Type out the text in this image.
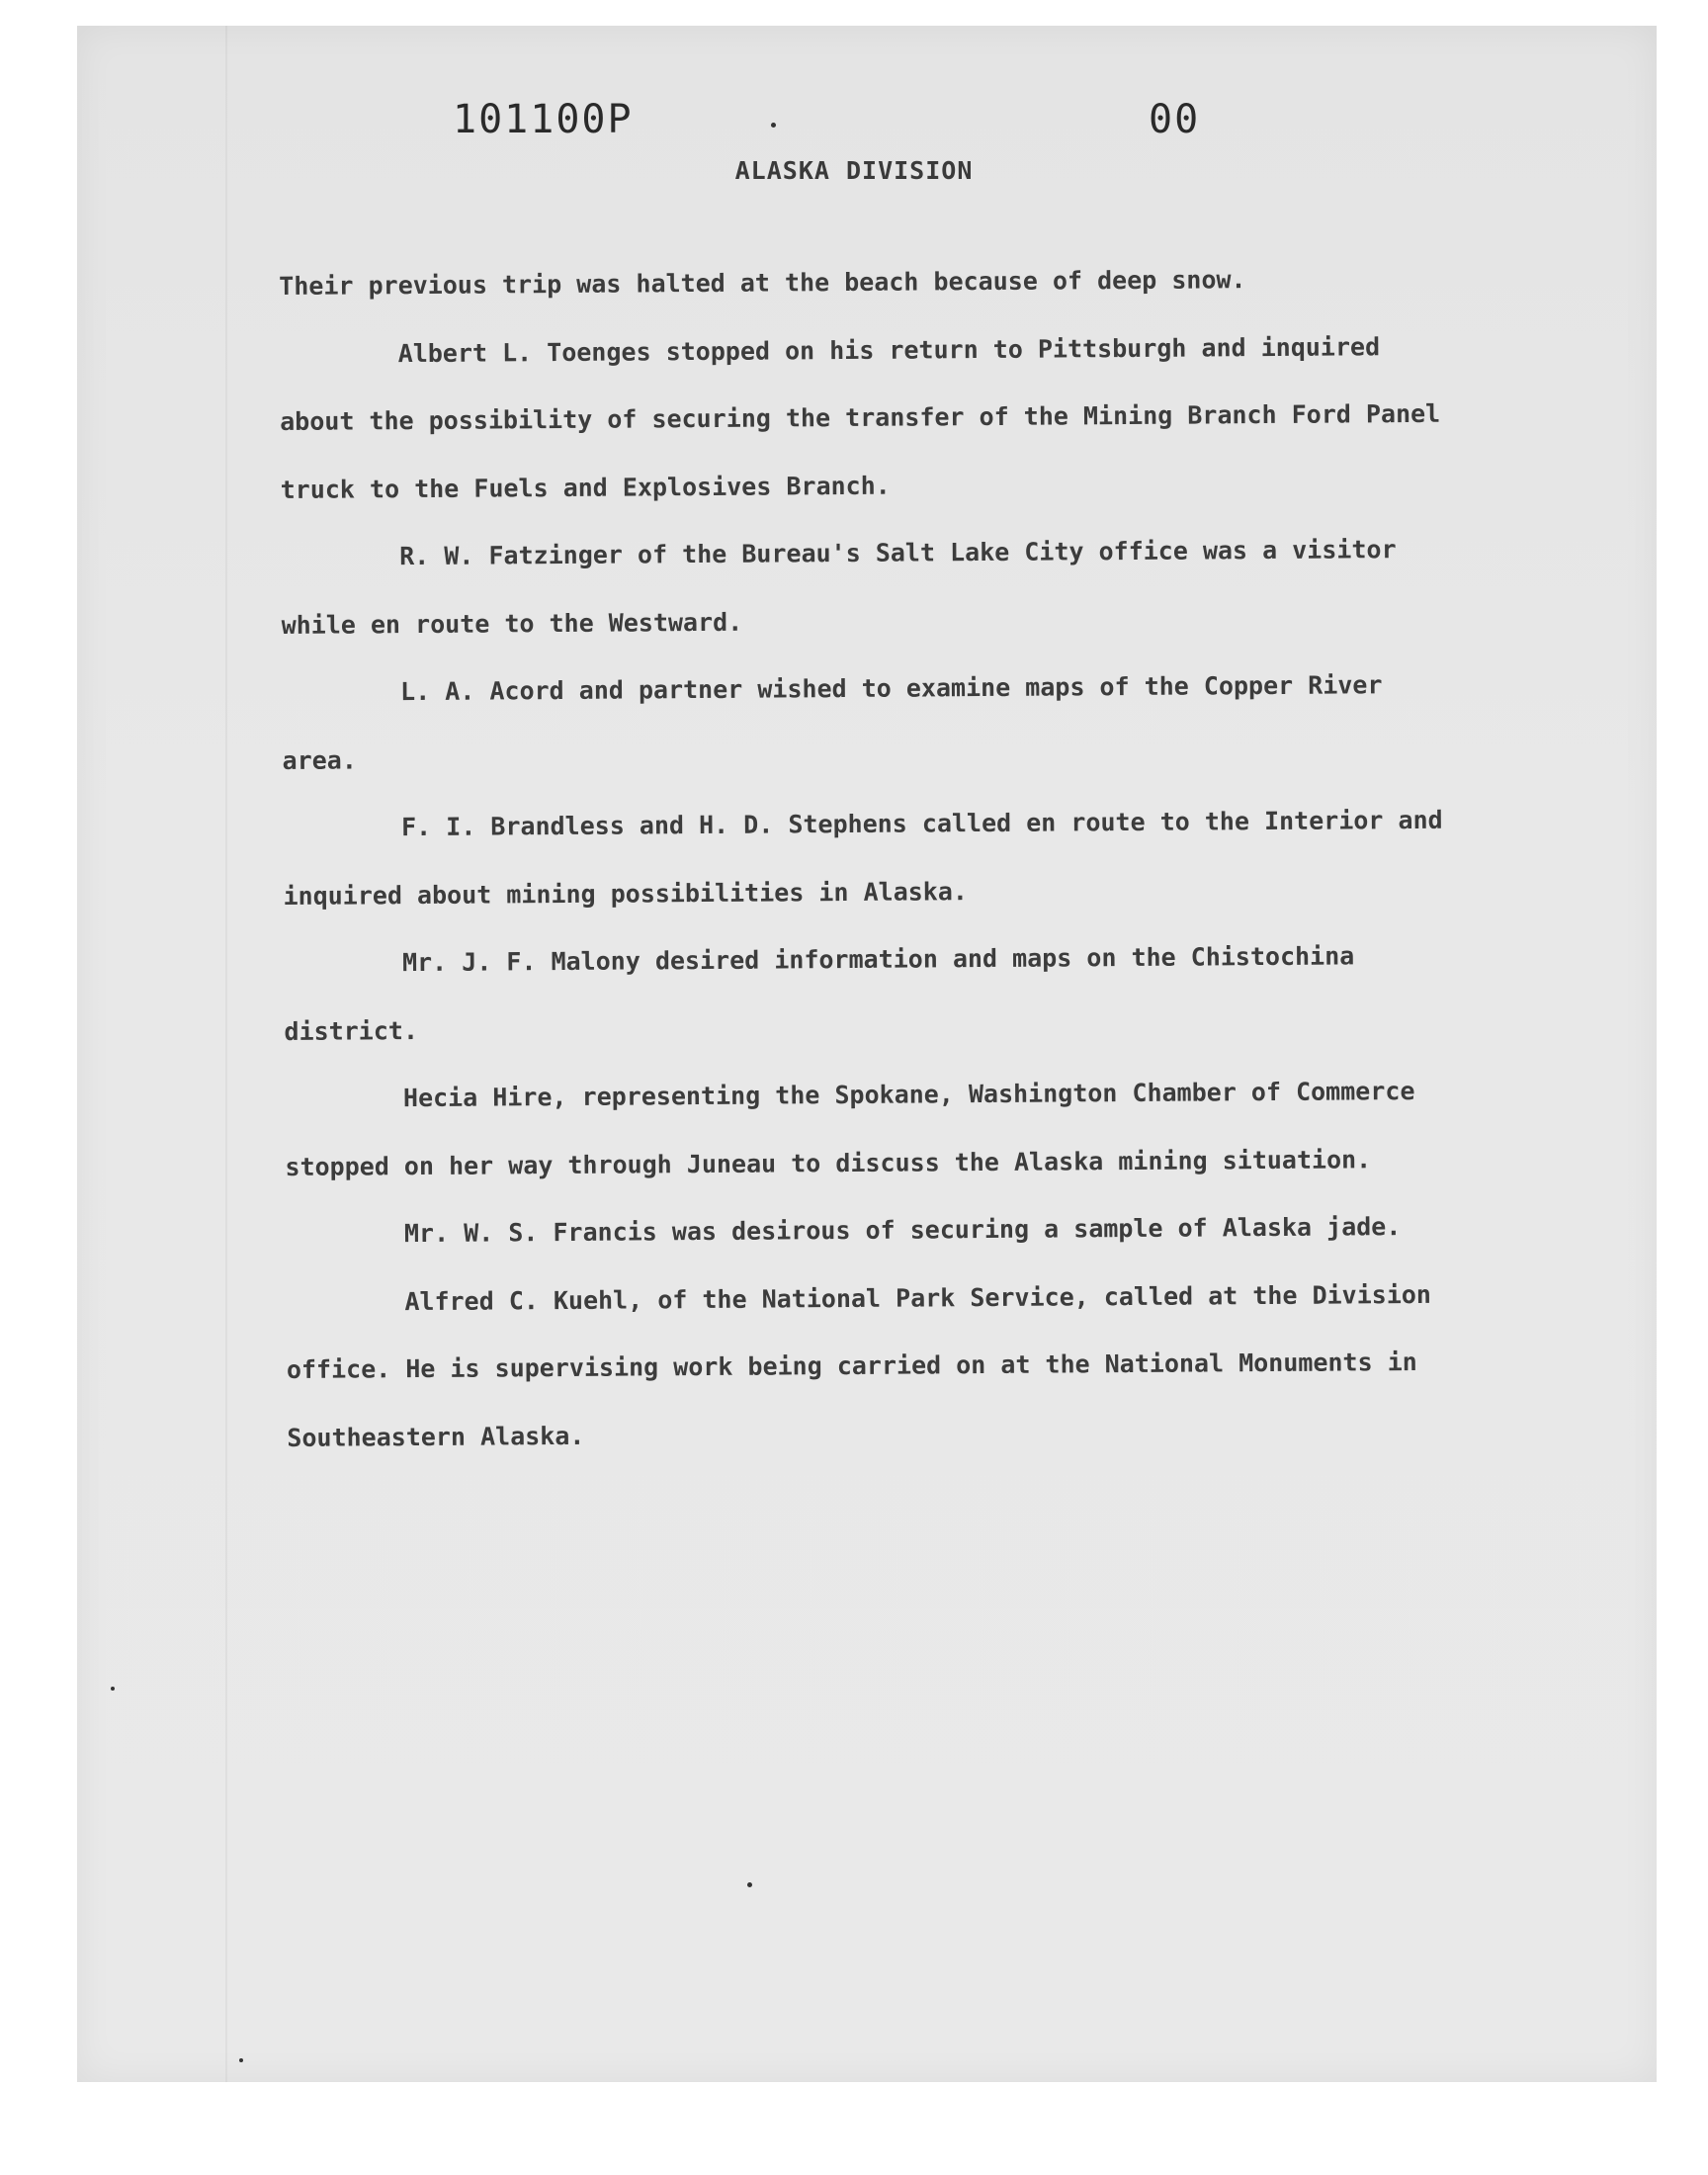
101100P	00
ALASKA DIVISION

Their previous trip was halted at the beach because of deep snow.

Albert L. Toenges stopped on his return to Pittsburgh and inquired about the possibility of securing the transfer of the Mining Branch Ford Panel truck to the Fuels and Explosives Branch.

R. W. Fatzinger of the Bureau's Salt Lake City office was a visitor while en route to the Westward.

L. A. Acord and partner wished to examine maps of the Copper River area.

F. I. Brandless and H. D. Stephens called en route to the Interior and inquired about mining possibilities in Alaska.

Mr. J. F. Malony desired information and maps on the Chistochina district.

Hecia Hire, representing the Spokane, Washington Chamber of Commerce stopped on her way through Juneau to discuss the Alaska mining situation.

Mr. W. S. Francis was desirous of securing a sample of Alaska jade.

Alfred C. Kuehl, of the National Park Service, called at the Division office. He is supervising work being carried on at the National Monuments in Southeastern Alaska.
